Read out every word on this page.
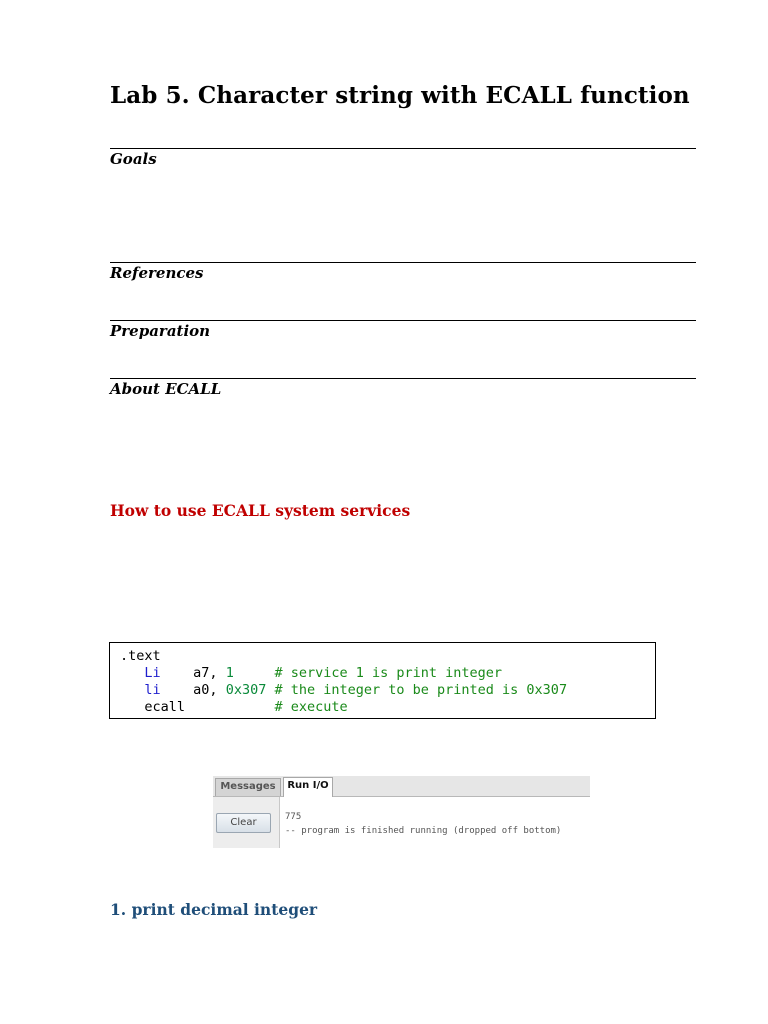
Lab 5. Character string with ECALL function
Goals
References
Preparation
About ECALL
How to use ECALL system services
.text
Li a7, 1	# service 1 is print integer
li a0, 0x307 # the integer to be printed is 0x307
ecall	# execute
Messages	Run I/O
Clear	775
-- program is finished running (dropped off bottom)
1. print decimal integer
